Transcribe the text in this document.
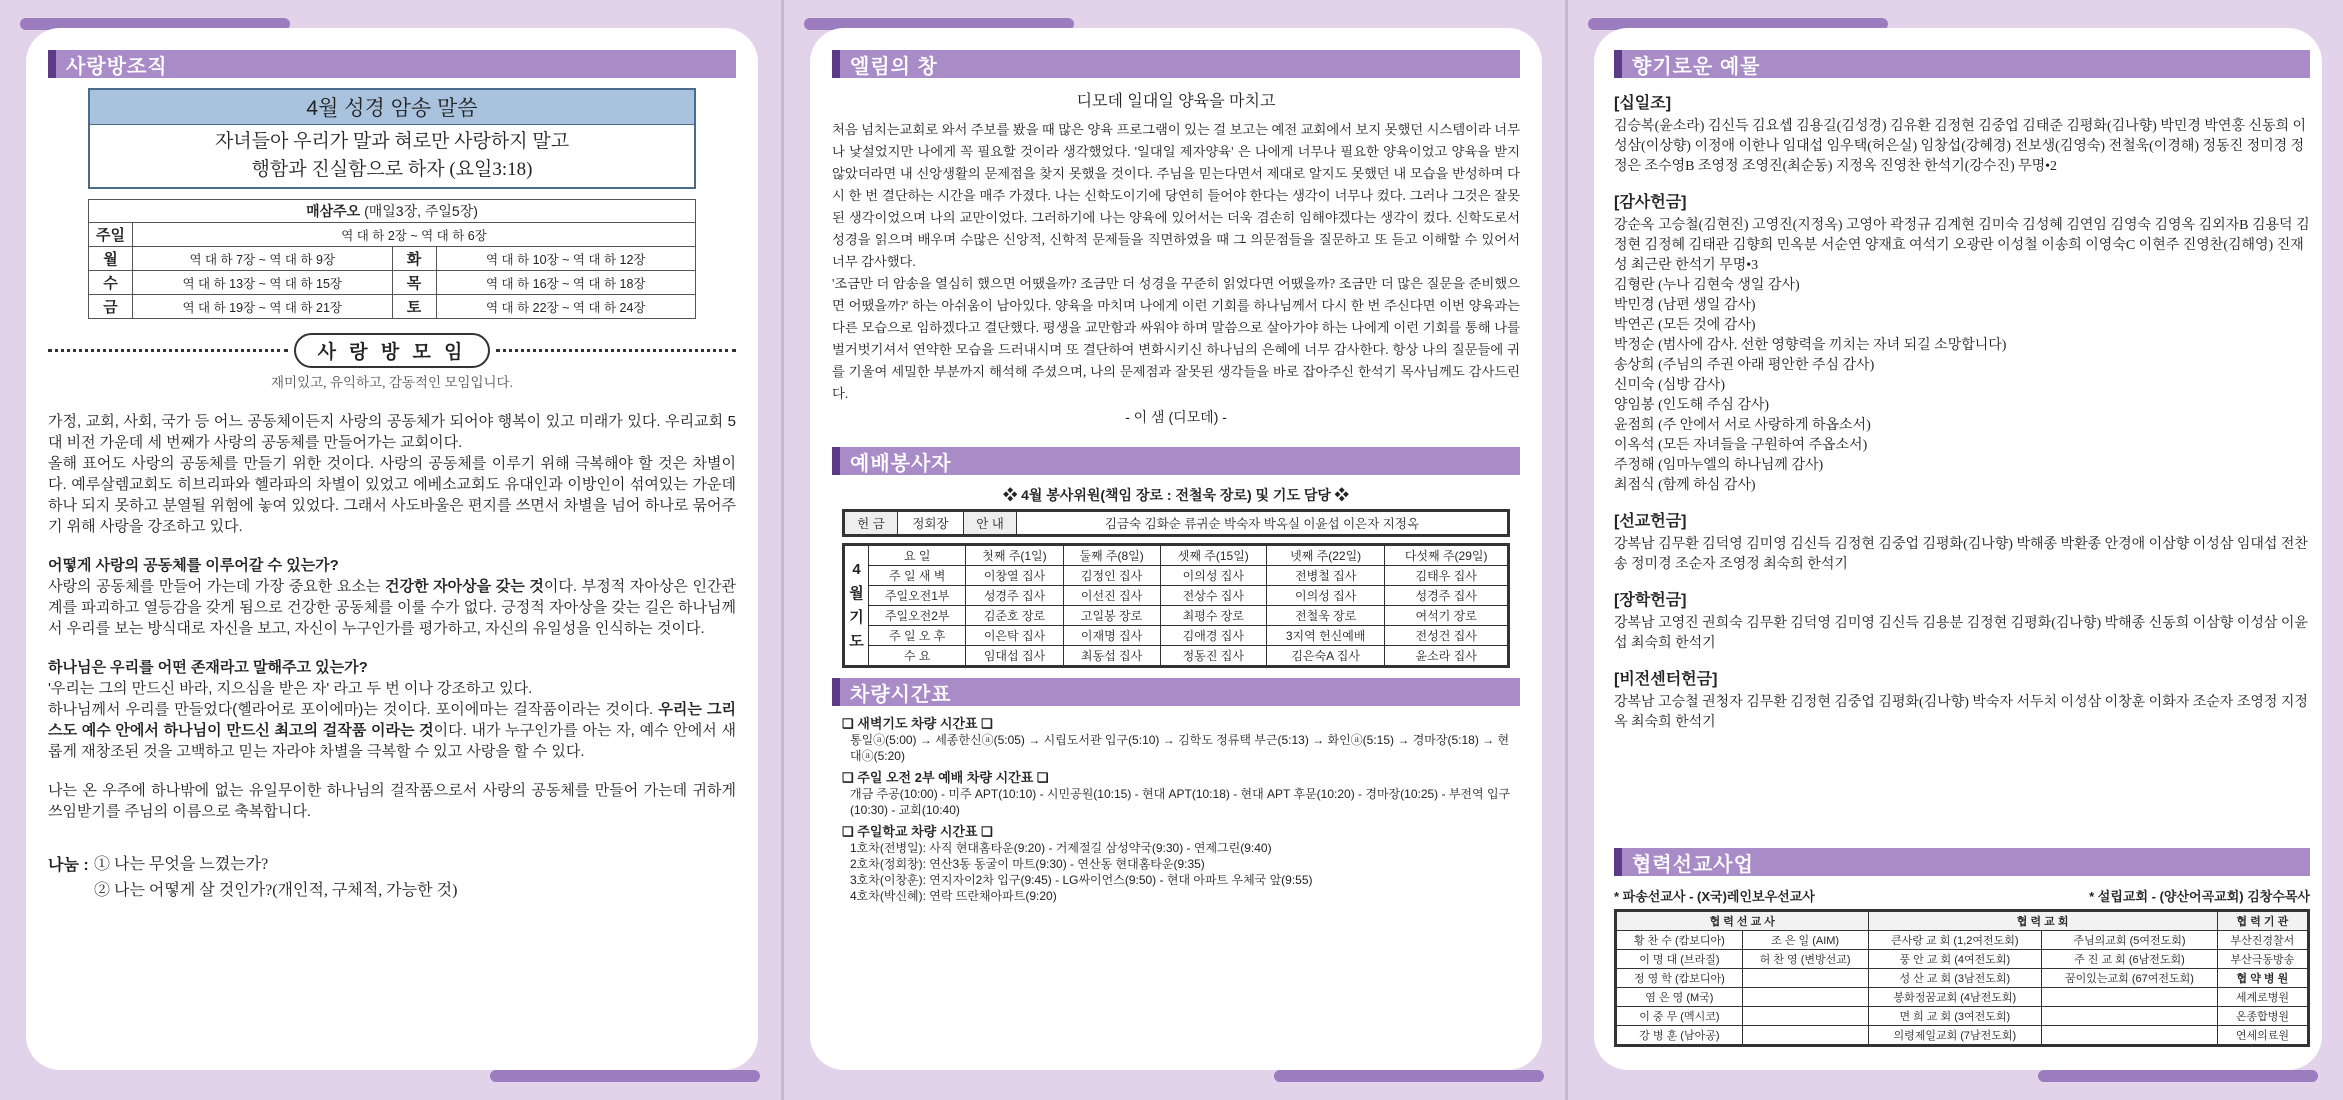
사랑방조직
4월 성경 암송 말씀
자녀들아 우리가 말과 혀로만 사랑하지 말고
행함과 진실함으로 하자 (요일3:18)
매삼주오 (매일3장, 주일5장)			
주일	역 대 하 2장 ~ 역 대 하 6장		
월	역 대 하 7장 ~ 역 대 하 9장	화	역 대 하 10장 ~ 역 대 하 12장
수	역 대 하 13장 ~ 역 대 하 15장	목	역 대 하 16장 ~ 역 대 하 18장
금	역 대 하 19장 ~ 역 대 하 21장	토	역 대 하 22장 ~ 역 대 하 24장
사 랑 방 모 임
재미있고, 유익하고, 감동적인 모임입니다.
가정, 교회, 사회, 국가 등 어느 공동체이든지 사랑의 공동체가 되어야 행복이 있고 미래가 있다. 우리교회 5대 비전 가운데 세 번째가 사랑의 공동체를 만들어가는 교회이다.
올해 표어도 사랑의 공동체를 만들기 위한 것이다. 사랑의 공동체를 이루기 위해 극복해야 할 것은 차별이다. 예루살렘교회도 히브리파와 헬라파의 차별이 있었고 에베소교회도 유대인과 이방인이 섞여있는 가운데 하나 되지 못하고 분열될 위험에 놓여 있었다. 그래서 사도바울은 편지를 쓰면서 차별을 넘어 하나로 묶어주기 위해 사랑을 강조하고 있다.
어떻게 사랑의 공동체를 이루어갈 수 있는가?
사랑의 공동체를 만들어 가는데 가장 중요한 요소는 건강한 자아상을 갖는 것이다. 부정적 자아상은 인간관계를 파괴하고 열등감을 갖게 됨으로 건강한 공동체를 이룰 수가 없다. 긍정적 자아상을 갖는 길은 하나님께서 우리를 보는 방식대로 자신을 보고, 자신이 누구인가를 평가하고, 자신의 유일성을 인식하는 것이다.
하나님은 우리를 어떤 존재라고 말해주고 있는가?
'우리는 그의 만드신 바라, 지으심을 받은 자' 라고 두 번 이나 강조하고 있다.
하나님께서 우리를 만들었다(헬라어로 포이에마)는 것이다. 포이에마는 걸작품이라는 것이다. 우리는 그리스도 예수 안에서 하나님이 만드신 최고의 걸작품 이라는 것이다. 내가 누구인가를 아는 자, 예수 안에서 새롭게 재창조된 것을 고백하고 믿는 자라야 차별을 극복할 수 있고 사랑을 할 수 있다.
나는 온 우주에 하나밖에 없는 유일무이한 하나님의 걸작품으로서 사랑의 공동체를 만들어 가는데 귀하게 쓰임받기를 주님의 이름으로 축복합니다.
나눔 : ① 나는 무엇을 느꼈는가?
② 나는 어떻게 살 것인가?(개인적, 구체적, 가능한 것)
엘림의 창
디모데 일대일 양육을 마치고
처음 넘치는교회로 와서 주보를 봤을 때 많은 양육 프로그램이 있는 걸 보고는 예전 교회에서 보지 못했던 시스템이라 너무나 낯설었지만 나에게 꼭 필요할 것이라 생각했었다. '일대일 제자양육' 은 나에게 너무나 필요한 양육이었고 양육을 받지 않았더라면 내 신앙생활의 문제점을 찾지 못했을 것이다. 주님을 믿는다면서 제대로 알지도 못했던 내 모습을 반성하며 다시 한 번 결단하는 시간을 매주 가졌다. 나는 신학도이기에 당연히 들어야 한다는 생각이 너무나 컸다. 그러나 그것은 잘못된 생각이었으며 나의 교만이었다. 그러하기에 나는 양육에 있어서는 더욱 겸손히 임해야겠다는 생각이 컸다. 신학도로서 성경을 읽으며 배우며 수많은 신앙적, 신학적 문제들을 직면하였을 때 그 의문점들을 질문하고 또 듣고 이해할 수 있어서 너무 감사했다.
'조금만 더 암송을 열심히 했으면 어땠을까? 조금만 더 성경을 꾸준히 읽었다면 어땠을까? 조금만 더 많은 질문을 준비했으면 어땠을까?' 하는 아쉬움이 남아있다. 양육을 마치며 나에게 이런 기회를 하나님께서 다시 한 번 주신다면 이번 양육과는 다른 모습으로 임하겠다고 결단했다. 평생을 교만함과 싸워야 하며 말씀으로 살아가야 하는 나에게 이런 기회를 통해 나를 벌거벗기셔서 연약한 모습을 드러내시며 또 결단하여 변화시키신 하나님의 은혜에 너무 감사한다. 항상 나의 질문들에 귀를 기울여 세밀한 부분까지 해석해 주셨으며, 나의 문제점과 잘못된 생각들을 바로 잡아주신 한석기 목사님께도 감사드린다.
- 이 샘 (디모데) -
예배봉사자
❖ 4월 봉사위원(책임 장로 : 전철욱 장로) 및 기도 담당 ❖
헌 금	정회장	안 내	김금숙 김화순 류귀순 박숙자 박옥실 이윤섭 이은자 지정옥
4
월
기
도	요 일	첫째 주(1일)	둘째 주(8일)	셋째 주(15일)	넷째 주(22일)	다섯째 주(29일)
	주 일 새 벽	이창열 집사	김정인 집사	이의성 집사	전병철 집사	김태우 집사
	주일오전1부	성경주 집사	이선진 집사	전상수 집사	이의성 집사	성경주 집사
	주일오전2부	김준호 장로	고일봉 장로	최평수 장로	전철욱 장로	여석기 장로
	주 일 오 후	이은탁 집사	이재명 집사	김애경 집사	3지역 헌신예배	전성건 집사
	수 요	임대섭 집사	최동섭 집사	정동진 집사	김은숙A 집사	윤소라 집사
차량시간표
❑ 새벽기도 차량 시간표 ❑
통일ⓐ(5:00) → 세종한신ⓐ(5:05) → 시립도서관 입구(5:10) → 김학도 정류택 부근(5:13) → 화인ⓐ(5:15) → 경마장(5:18) → 현대ⓐ(5:20)
❑ 주일 오전 2부 예배 차량 시간표 ❑
개금 주공(10:00) - 미주 APT(10:10) - 시민공원(10:15) - 현대 APT(10:18) - 현대 APT 후문(10:20) - 경마장(10:25) - 부전역 입구(10:30) - 교회(10:40)
❑ 주일학교 차량 시간표 ❑
1호차(전병일): 사직 현대홈타운(9:20) - 거제절길 삼성약국(9:30) - 연제그린(9:40)
2호차(정회창): 연산3동 동굴이 마트(9:30) - 연산동 현대홈타운(9:35)
3호차(이창훈): 연지자이2차 입구(9:45) - LG싸이언스(9:50) - 현대 아파트 우체국 앞(9:55)
4호차(박신혜): 연락 뜨란채아파트(9:20)
향기로운 예물
[십일조]
김승복(윤소라) 김신득 김요셉 김용길(김성경) 김유환 김정현 김중업 김태준 김평화(김나향) 박민경 박연홍 신동희 이성삼(이상향) 이정애 이한나 임대섭 임우택(허은실) 임창섭(강혜경) 전보생(김영숙) 전철욱(이경해) 정동진 정미경 정정은 조수영B 조영정 조영진(최순동) 지정옥 진영찬 한석기(강수진) 무명•2
[감사헌금]
강순옥 고승철(김현진) 고영진(지정옥) 고영아 곽정규 김계현 김미숙 김성혜 김연임 김영숙 김영옥 김외자B 김용덕 김정현 김정혜 김태관 김향희 민옥분 서순연 양재효 여석기 오광란 이성철 이송희 이영숙C 이현주 진영찬(김해영) 진재성 최근란 한석기 무명•3
김형란 (누나 김현숙 생일 감사)
박민경 (남편 생일 감사)
박연곤 (모든 것에 감사)
박정순 (범사에 감사. 선한 영향력을 끼치는 자녀 되길 소망합니다)
송상희 (주님의 주권 아래 평안한 주심 감사)
신미숙 (심방 감사)
양임봉 (인도해 주심 감사)
윤점희 (주 안에서 서로 사랑하게 하옵소서)
이옥석 (모든 자녀들을 구원하여 주옵소서)
주정해 (임마누엘의 하나님께 감사)
최점식 (함께 하심 감사)
[선교헌금]
강복남 김무환 김덕영 김미영 김신득 김정현 김중업 김평화(김나향) 박해종 박환종 안경애 이삼향 이성삼 임대섭 전찬송 정미경 조순자 조영정 최숙희 한석기
[장학헌금]
강복남 고영진 권희숙 김무환 김덕영 김미영 김신득 김용분 김정현 김평화(김나향) 박해종 신동희 이삼향 이성삼 이윤섭 최숙희 한석기
[비전센터헌금]
강복남 고승철 권청자 김무환 김정현 김중업 김평화(김나향) 박숙자 서두치 이성삼 이창훈 이화자 조순자 조영정 지정옥 최숙희 한석기
협력선교사업
* 파송선교사 - (X국)레인보우선교사	* 설립교회 - (양산어곡교회) 김창수목사
협 력 선 교 사		협 력 교 회		협 력 기 관
황 찬 수 (캄보디아)	조 은 일 (AIM)	큰사랑 교 회 (1,2여전도회)	주님의교회 (5여전도회)	부산진경찰서
이 명 대 (브라질)	허 찬 영 (변방선교)	풍 안 교 회 (4여전도회)	주 진 교 회 (6남전도회)	부산극동방송
정 영 학 (캄보디아)		성 산 교 회 (3남전도회)	꿈이있는교회 (67여전도회)	협 약 병 원
염 은 영 (M국)		봉화정꿈교회 (4남전도회)		세계로병원
이 중 무 (멕시코)		면 희 교 회 (3여전도회)		온종합병원
강 병 훈 (남아공)		의령제일교회 (7남전도회)		연세의료원
